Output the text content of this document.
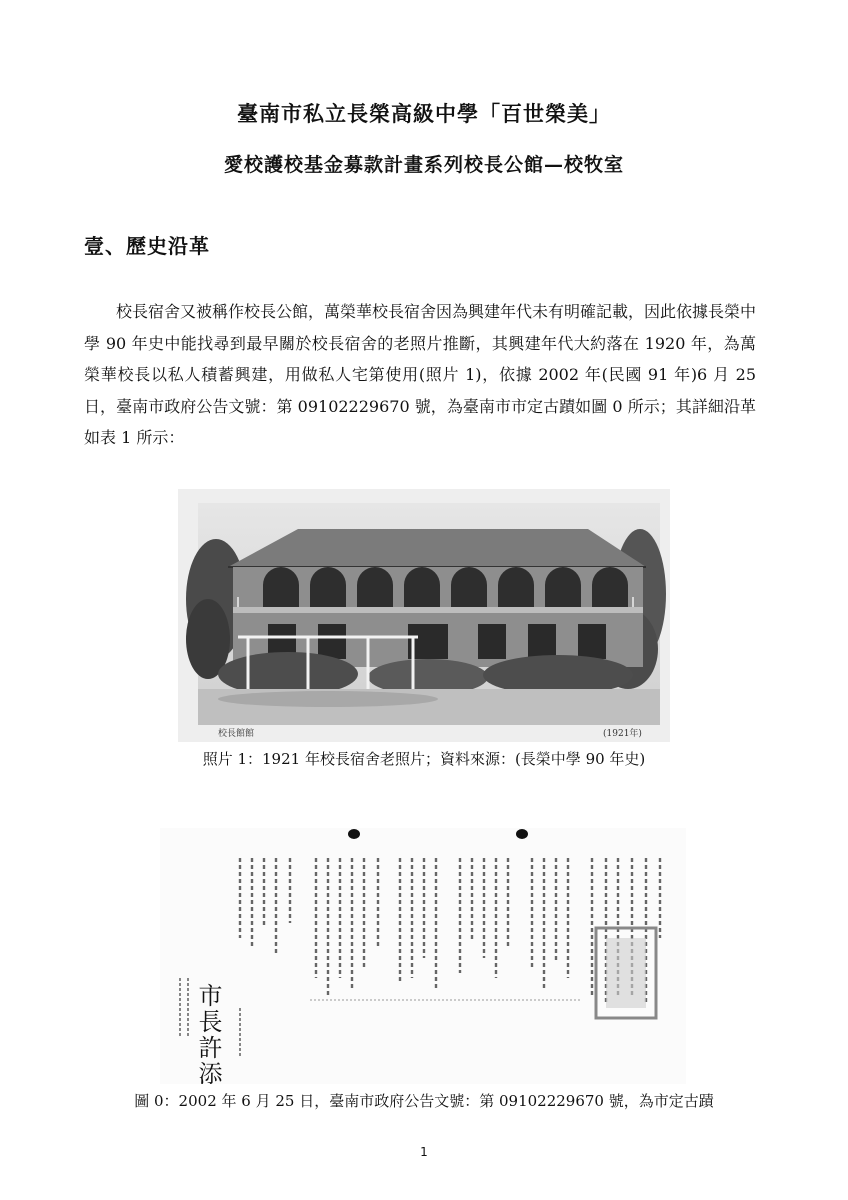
臺南市私立長榮高級中學「百世榮美」
愛校護校基金募款計畫系列校長公館—校牧室
壹、歷史沿革

校長宿舍又被稱作校長公館，萬榮華校長宿舍因為興建年代未有明確記載，因此依據長榮中學 90 年史中能找尋到最早關於校長宿舍的老照片推斷，其興建年代大約落在 1920 年，為萬榮華校長以私人積蓄興建，用做私人宅第使用(照片 1)，依據 2002 年(民國 91 年)6 月 25 日，臺南市政府公告文號：第 09102229670 號，為臺南市市定古蹟如圖 0 所示；其詳細沿革如表 1 所示：

校長館館	(1921年)
照片 1：1921 年校長宿舍老照片；資料來源：(長榮中學 90 年史)
市長許添財
圖 0：2002 年 6 月 25 日，臺南市政府公告文號：第 09102229670 號，為市定古蹟
1
